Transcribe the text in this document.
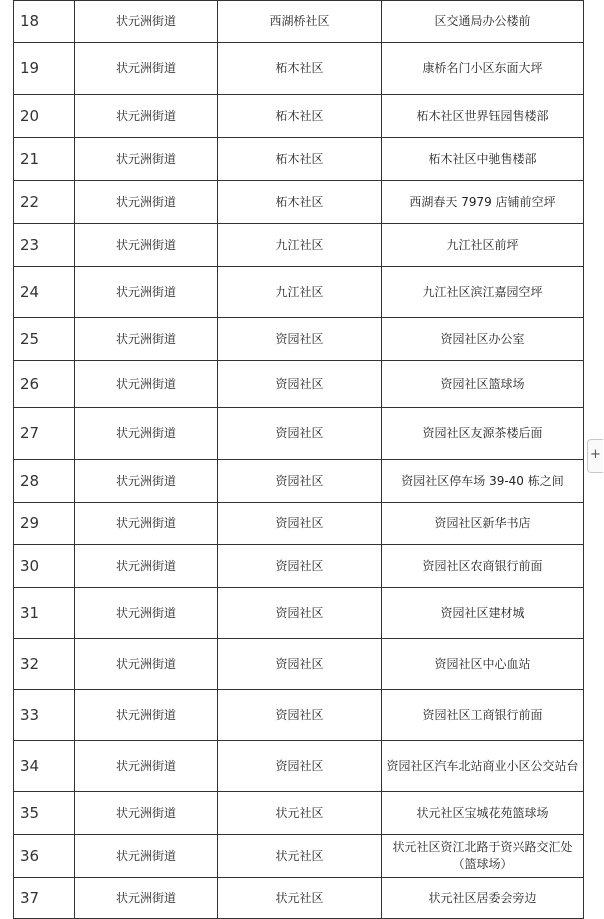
18	状元洲街道	西湖桥社区	区交通局办公楼前
19	状元洲街道	柘木社区	康桥名门小区东面大坪
20	状元洲街道	柘木社区	柘木社区世界钰园售楼部
21	状元洲街道	柘木社区	柘木社区中驰售楼部
22	状元洲街道	柘木社区	西湖春天 7979 店铺前空坪
23	状元洲街道	九江社区	九江社区前坪
24	状元洲街道	九江社区	九江社区滨江嘉园空坪
25	状元洲街道	资园社区	资园社区办公室
26	状元洲街道	资园社区	资园社区篮球场
27	状元洲街道	资园社区	资园社区友源茶楼后面
28	状元洲街道	资园社区	资园社区停车场 39-40 栋之间
29	状元洲街道	资园社区	资园社区新华书店
30	状元洲街道	资园社区	资园社区农商银行前面
31	状元洲街道	资园社区	资园社区建材城
32	状元洲街道	资园社区	资园社区中心血站
33	状元洲街道	资园社区	资园社区工商银行前面
34	状元洲街道	资园社区	资园社区汽车北站商业小区公交站台
35	状元洲街道	状元社区	状元社区宝城花苑篮球场
36	状元洲街道	状元社区	状元社区资江北路于资兴路交汇处（篮球场）
37	状元洲街道	状元社区	状元社区居委会旁边
+
